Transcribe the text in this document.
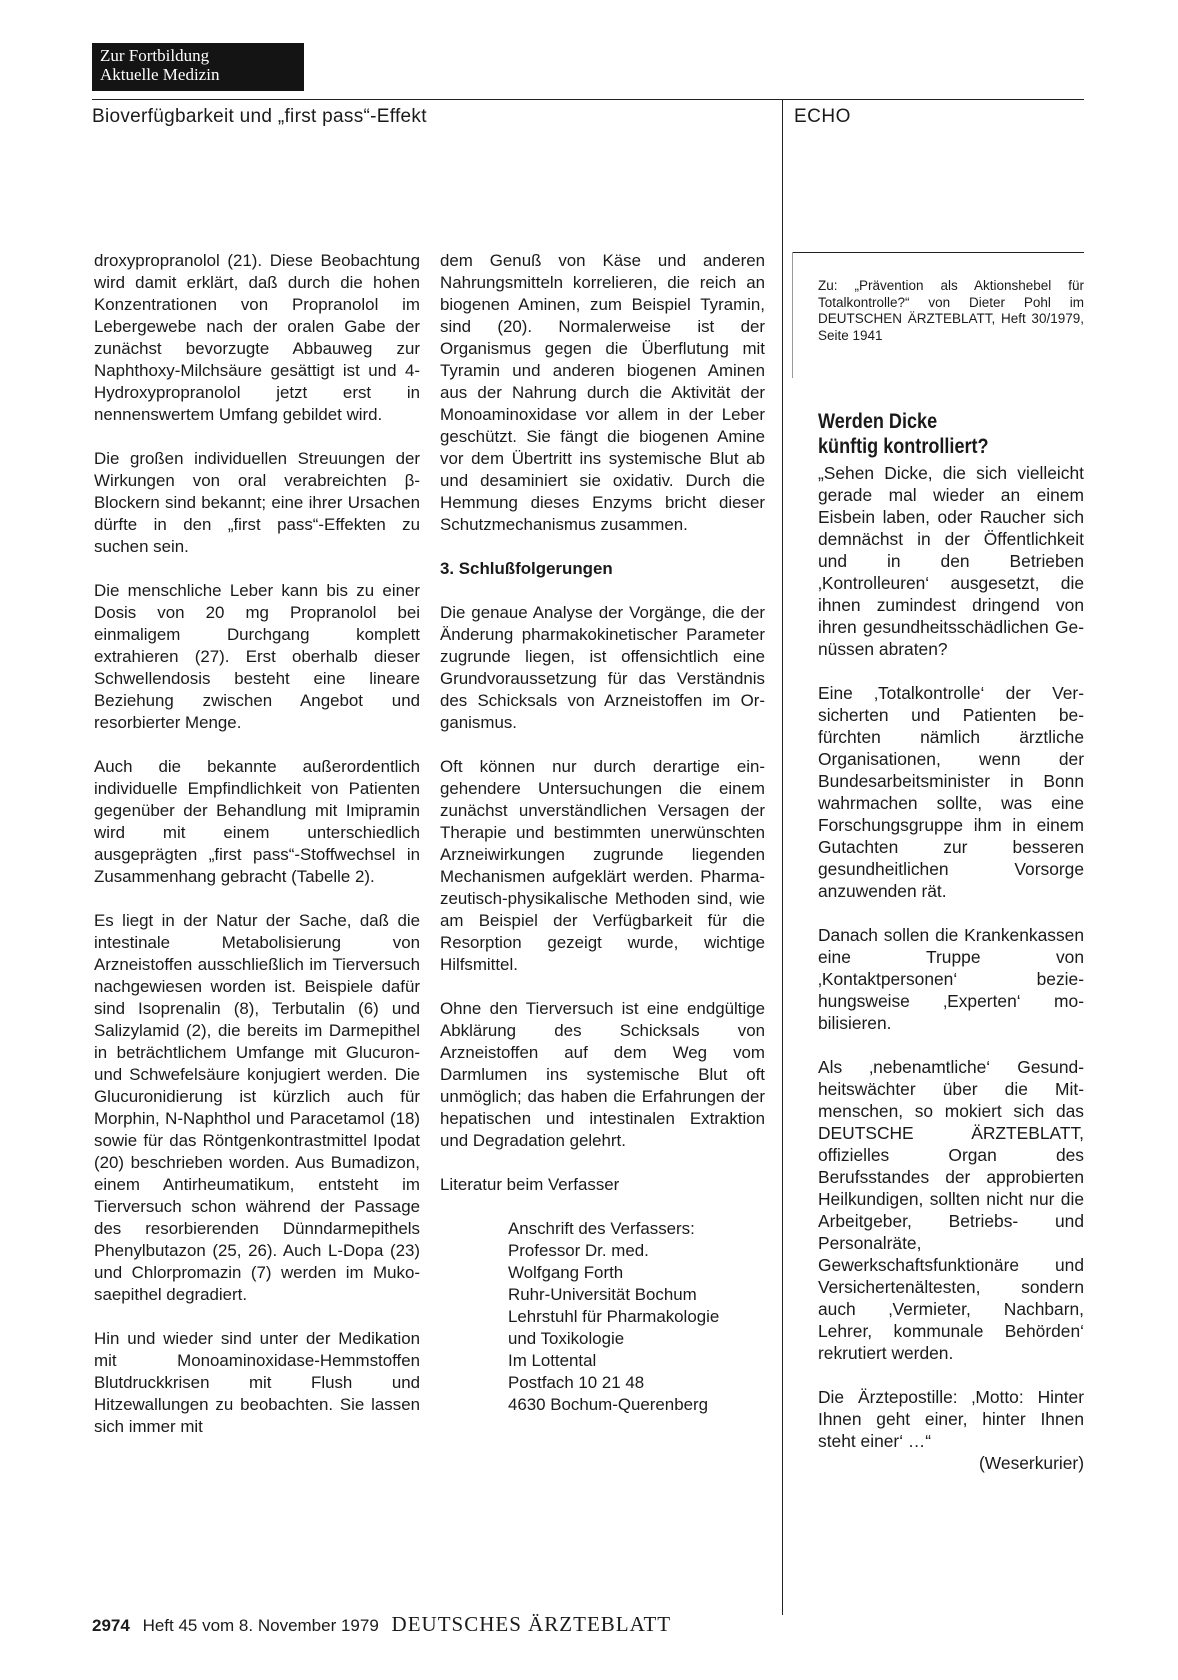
Zur Fortbildung
Aktuelle Medizin
Bioverfügbarkeit und „first pass“-Effekt	ECHO

droxypropranolol (21). Diese Beobachtung wird damit erklärt, daß durch die hohen Konzentrationen von Propranolol im Lebergewebe nach der oralen Gabe der zunächst bevorzugte Abbauweg zur Naphthoxy-Milchsäure gesättigt ist und 4-Hydroxypropranolol jetzt erst in nennenswertem Umfang gebildet wird.

Die großen individuellen Streuungen der Wirkungen von oral verabreichten β-Blockern sind bekannt; eine ihrer Ursachen dürfte in den „first pass“-Effekten zu suchen sein.

Die menschliche Leber kann bis zu einer Dosis von 20 mg Propranolol bei einmaligem Durchgang komplett extrahieren (27). Erst oberhalb dieser Schwellendosis besteht eine lineare Beziehung zwischen Angebot und resorbierter Menge.

Auch die bekannte außerordentlich individuelle Empfindlichkeit von Patienten gegenüber der Behandlung mit Imipramin wird mit einem unterschiedlich ausgeprägten „first pass“-Stoffwechsel in Zusammenhang gebracht (Tabelle 2).

Es liegt in der Natur der Sache, daß die intestinale Metabolisierung von Arzneistoffen ausschließlich im Tierversuch nachgewiesen worden ist. Beispiele dafür sind Isoprenalin (8), Terbutalin (6) und Salizylamid (2), die bereits im Darmepithel in beträchtlichem Umfange mit Glucuron- und Schwefelsäure konjugiert werden. Die Glucuronidierung ist kürzlich auch für Morphin, N-Naphthol und Paracetamol (18) sowie für das Röntgenkontrastmittel Ipodat (20) beschrieben worden. Aus Bumadizon, einem Antirheumatikum, entsteht im Tierversuch schon während der Passage des resorbierenden Dünndarmepithels Phenylbutazon (25, 26). Auch L-Dopa (23) und Chlorpromazin (7) werden im Mukosaepithel degradiert.

Hin und wieder sind unter der Medikation mit Monoaminoxidase-Hemmstoffen Blutdruckkrisen mit Flush und Hitzewallungen zu beobachten. Sie lassen sich immer mit

dem Genuß von Käse und anderen Nahrungsmitteln korrelieren, die reich an biogenen Aminen, zum Beispiel Tyramin, sind (20). Normalerweise ist der Organismus gegen die Überflutung mit Tyramin und anderen biogenen Aminen aus der Nahrung durch die Aktivität der Monoaminoxidase vor allem in der Leber geschützt. Sie fängt die biogenen Amine vor dem Übertritt ins systemische Blut ab und desaminiert sie oxidativ. Durch die Hemmung dieses Enzyms bricht dieser Schutzmechanismus zusammen.

3. Schlußfolgerungen

Die genaue Analyse der Vorgänge, die der Änderung pharmakokinetischer Parameter zugrunde liegen, ist offensichtlich eine Grundvoraussetzung für das Verständnis des Schicksals von Arzneistoffen im Organismus.

Oft können nur durch derartige eingehendere Untersuchungen die einem zunächst unverständlichen Versagen der Therapie und bestimmten unerwünschten Arzneiwirkungen zugrunde liegenden Mechanismen aufgeklärt werden. Pharmazeutisch-physikalische Methoden sind, wie am Beispiel der Verfügbarkeit für die Resorption gezeigt wurde, wichtige Hilfsmittel.

Ohne den Tierversuch ist eine endgültige Abklärung des Schicksals von Arzneistoffen auf dem Weg vom Darmlumen ins systemische Blut oft unmöglich; das haben die Erfahrungen der hepatischen und intestinalen Extraktion und Degradation gelehrt.

Literatur beim Verfasser

Anschrift des Verfassers:
Professor Dr. med.
Wolfgang Forth
Ruhr-Universität Bochum
Lehrstuhl für Pharmakologie
und Toxikologie
Im Lottental
Postfach 10 21 48
4630 Bochum-Querenberg
Zu: „Prävention als Aktionshebel für Totalkontrolle?“ von Dieter Pohl im DEUTSCHEN ÄRZTEBLATT, Heft 30/1979, Seite 1941
Werden Dicke
künftig kontrolliert?

„Sehen Dicke, die sich vielleicht gerade mal wieder an einem Eisbein laben, oder Raucher sich demnächst in der Öffentlichkeit und in den Betrieben ‚Kontrolleuren‘ ausgesetzt, die ihnen zumindest dringend von ihren gesundheitsschädlichen Genüssen abraten?

Eine ‚Totalkontrolle‘ der Versicherten und Patienten befürchten nämlich ärztliche Organisationen, wenn der Bundesarbeitsminister in Bonn wahrmachen sollte, was eine Forschungsgruppe ihm in einem Gutachten zur besseren gesundheitlichen Vorsorge anzuwenden rät.

Danach sollen die Krankenkassen eine Truppe von ‚Kontaktpersonen‘ beziehungsweise ‚Experten‘ mobilisieren.

Als ‚nebenamtliche‘ Gesundheitswächter über die Mitmenschen, so mokiert sich das DEUTSCHE ÄRZTEBLATT, offizielles Organ des Berufsstandes der approbierten Heilkundigen, sollten nicht nur die Arbeitgeber, Betriebs- und Personalräte, Gewerkschaftsfunktionäre und Versichertenältesten, sondern auch ‚Vermieter, Nachbarn, Lehrer, kommunale Behörden‘ rekrutiert werden.

Die Ärztepostille: ‚Motto: Hinter Ihnen geht einer, hinter Ihnen steht einer‘ …“

(Weserkurier)
2974 Heft 45 vom 8. November 1979 DEUTSCHES ÄRZTEBLATT
